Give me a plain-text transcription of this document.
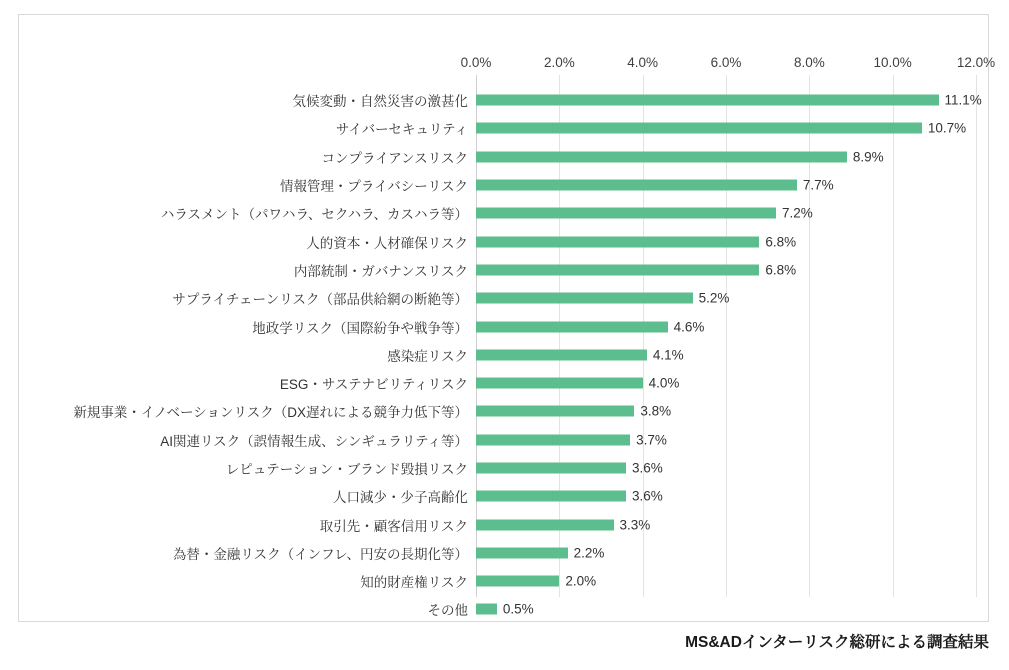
0.0%	2.0%	4.0%	6.0%	8.0%	10.0%	12.0%
気候変動・自然災害の激甚化	11.1%
サイバーセキュリティ	10.7%
コンプライアンスリスク	8.9%
情報管理・プライバシーリスク	7.7%
ハラスメント（パワハラ、セクハラ、カスハラ等）	7.2%
人的資本・人材確保リスク	6.8%
内部統制・ガバナンスリスク	6.8%
サプライチェーンリスク（部品供給網の断絶等）	5.2%
地政学リスク（国際紛争や戦争等）	4.6%
感染症リスク	4.1%
ESG・サステナビリティリスク	4.0%
新規事業・イノベーションリスク（DX遅れによる競争力低下等）	3.8%
AI関連リスク（誤情報生成、シンギュラリティ等）	3.7%
レピュテーション・ブランド毀損リスク	3.6%
人口減少・少子高齢化	3.6%
取引先・顧客信用リスク	3.3%
為替・金融リスク（インフレ、円安の長期化等）	2.2%
知的財産権リスク	2.0%
その他	0.5%
MS&ADインターリスク総研による調査結果
